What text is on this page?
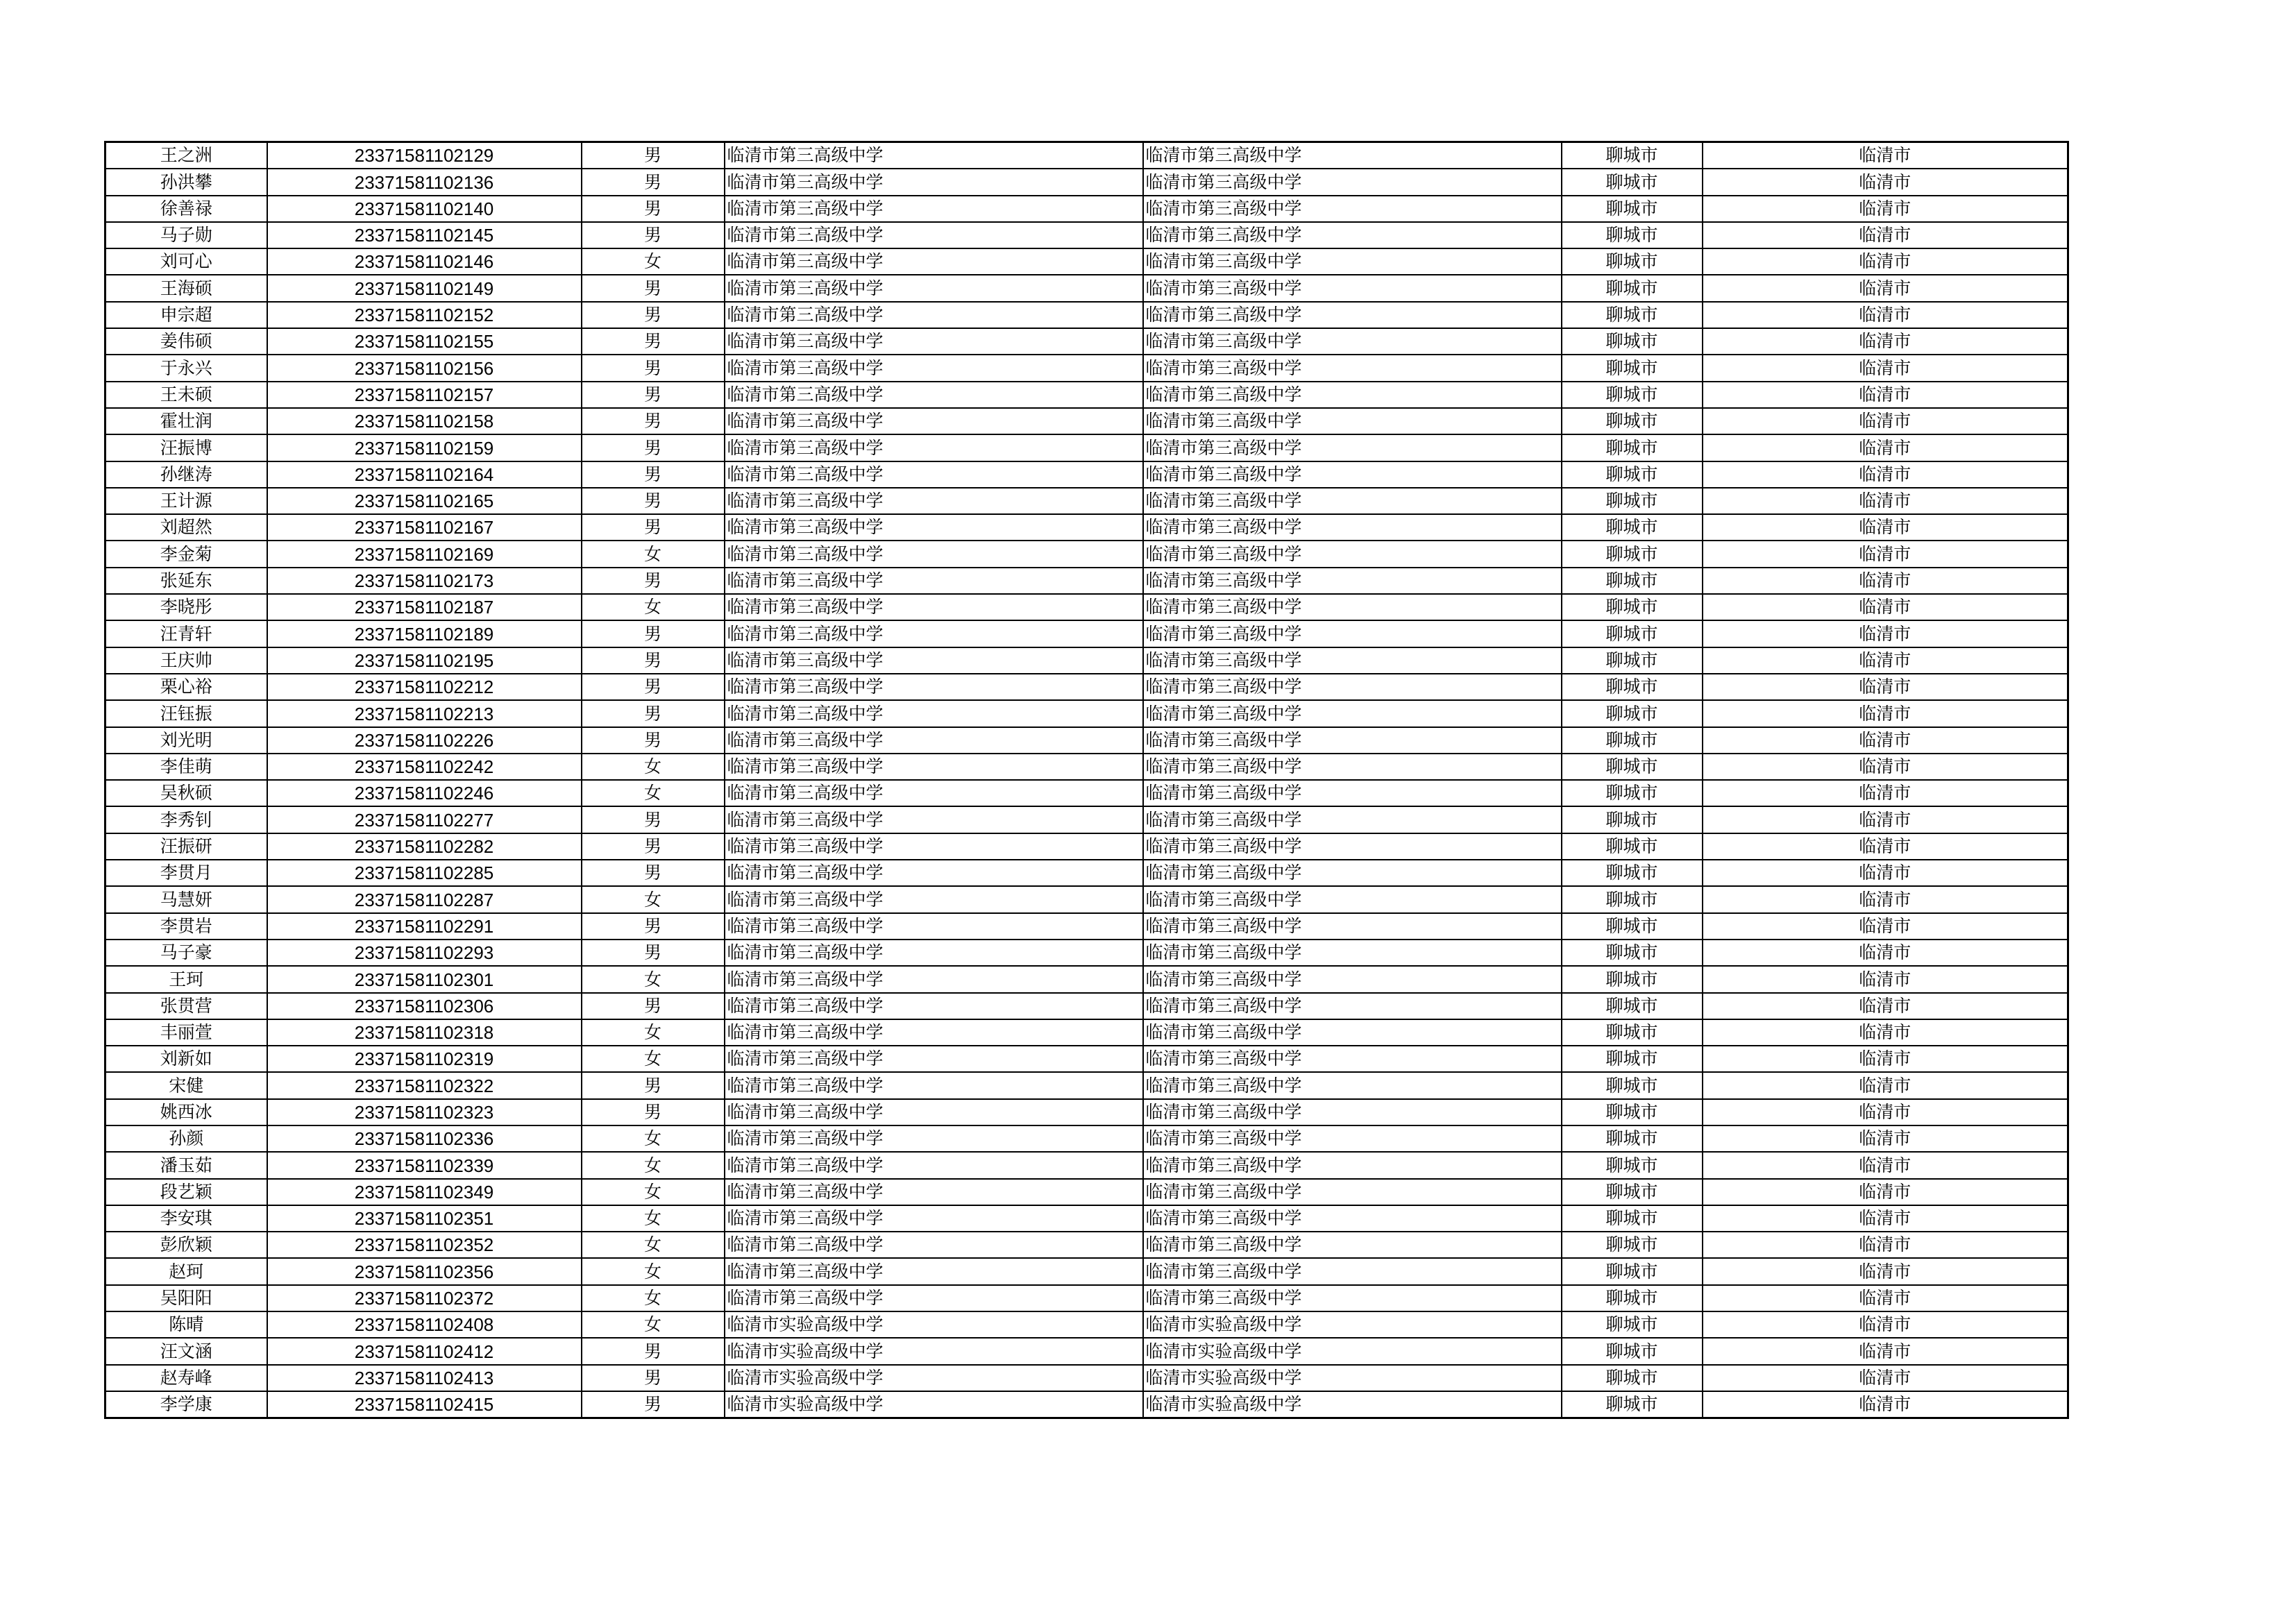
王之洲	23371581102129	男	临清市第三高级中学	临清市第三高级中学	聊城市	临清市
孙洪攀	23371581102136	男	临清市第三高级中学	临清市第三高级中学	聊城市	临清市
徐善禄	23371581102140	男	临清市第三高级中学	临清市第三高级中学	聊城市	临清市
马子勋	23371581102145	男	临清市第三高级中学	临清市第三高级中学	聊城市	临清市
刘可心	23371581102146	女	临清市第三高级中学	临清市第三高级中学	聊城市	临清市
王海硕	23371581102149	男	临清市第三高级中学	临清市第三高级中学	聊城市	临清市
申宗超	23371581102152	男	临清市第三高级中学	临清市第三高级中学	聊城市	临清市
姜伟硕	23371581102155	男	临清市第三高级中学	临清市第三高级中学	聊城市	临清市
于永兴	23371581102156	男	临清市第三高级中学	临清市第三高级中学	聊城市	临清市
王未硕	23371581102157	男	临清市第三高级中学	临清市第三高级中学	聊城市	临清市
霍壮润	23371581102158	男	临清市第三高级中学	临清市第三高级中学	聊城市	临清市
汪振博	23371581102159	男	临清市第三高级中学	临清市第三高级中学	聊城市	临清市
孙继涛	23371581102164	男	临清市第三高级中学	临清市第三高级中学	聊城市	临清市
王计源	23371581102165	男	临清市第三高级中学	临清市第三高级中学	聊城市	临清市
刘超然	23371581102167	男	临清市第三高级中学	临清市第三高级中学	聊城市	临清市
李金菊	23371581102169	女	临清市第三高级中学	临清市第三高级中学	聊城市	临清市
张延东	23371581102173	男	临清市第三高级中学	临清市第三高级中学	聊城市	临清市
李晓彤	23371581102187	女	临清市第三高级中学	临清市第三高级中学	聊城市	临清市
汪青轩	23371581102189	男	临清市第三高级中学	临清市第三高级中学	聊城市	临清市
王庆帅	23371581102195	男	临清市第三高级中学	临清市第三高级中学	聊城市	临清市
栗心裕	23371581102212	男	临清市第三高级中学	临清市第三高级中学	聊城市	临清市
汪钰振	23371581102213	男	临清市第三高级中学	临清市第三高级中学	聊城市	临清市
刘光明	23371581102226	男	临清市第三高级中学	临清市第三高级中学	聊城市	临清市
李佳萌	23371581102242	女	临清市第三高级中学	临清市第三高级中学	聊城市	临清市
吴秋硕	23371581102246	女	临清市第三高级中学	临清市第三高级中学	聊城市	临清市
李秀钊	23371581102277	男	临清市第三高级中学	临清市第三高级中学	聊城市	临清市
汪振研	23371581102282	男	临清市第三高级中学	临清市第三高级中学	聊城市	临清市
李贯月	23371581102285	男	临清市第三高级中学	临清市第三高级中学	聊城市	临清市
马慧妍	23371581102287	女	临清市第三高级中学	临清市第三高级中学	聊城市	临清市
李贯岩	23371581102291	男	临清市第三高级中学	临清市第三高级中学	聊城市	临清市
马子豪	23371581102293	男	临清市第三高级中学	临清市第三高级中学	聊城市	临清市
王珂	23371581102301	女	临清市第三高级中学	临清市第三高级中学	聊城市	临清市
张贯营	23371581102306	男	临清市第三高级中学	临清市第三高级中学	聊城市	临清市
丰丽萱	23371581102318	女	临清市第三高级中学	临清市第三高级中学	聊城市	临清市
刘新如	23371581102319	女	临清市第三高级中学	临清市第三高级中学	聊城市	临清市
宋健	23371581102322	男	临清市第三高级中学	临清市第三高级中学	聊城市	临清市
姚西冰	23371581102323	男	临清市第三高级中学	临清市第三高级中学	聊城市	临清市
孙颜	23371581102336	女	临清市第三高级中学	临清市第三高级中学	聊城市	临清市
潘玉茹	23371581102339	女	临清市第三高级中学	临清市第三高级中学	聊城市	临清市
段艺颖	23371581102349	女	临清市第三高级中学	临清市第三高级中学	聊城市	临清市
李安琪	23371581102351	女	临清市第三高级中学	临清市第三高级中学	聊城市	临清市
彭欣颖	23371581102352	女	临清市第三高级中学	临清市第三高级中学	聊城市	临清市
赵珂	23371581102356	女	临清市第三高级中学	临清市第三高级中学	聊城市	临清市
吴阳阳	23371581102372	女	临清市第三高级中学	临清市第三高级中学	聊城市	临清市
陈晴	23371581102408	女	临清市实验高级中学	临清市实验高级中学	聊城市	临清市
汪文涵	23371581102412	男	临清市实验高级中学	临清市实验高级中学	聊城市	临清市
赵寿峰	23371581102413	男	临清市实验高级中学	临清市实验高级中学	聊城市	临清市
李学康	23371581102415	男	临清市实验高级中学	临清市实验高级中学	聊城市	临清市
